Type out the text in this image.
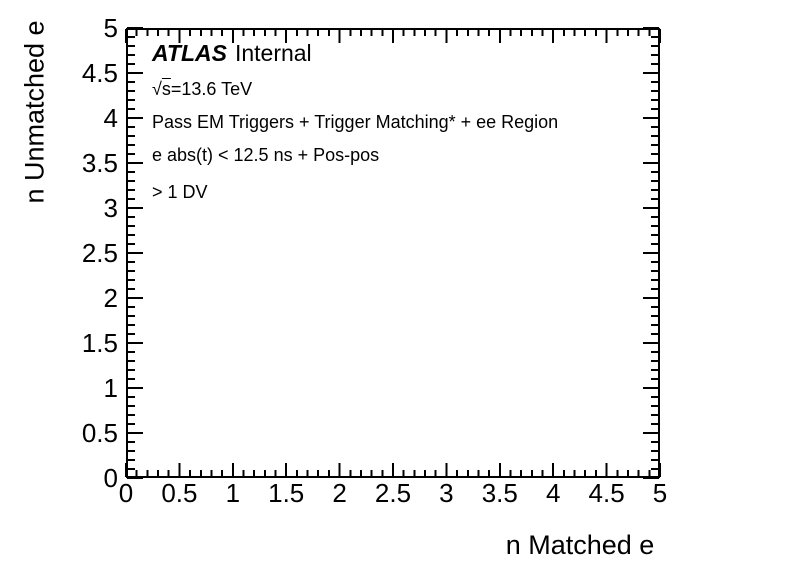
0 0.5 1 1.5 2 2.5 3 3.5 4 4.5 5
0
0.5
1
1.5
2
2.5
3
3.5
4
4.5
5
ATLAS Internal
√s=13.6 TeV
Pass EM Triggers + Trigger Matching* + ee Region
e abs(t) < 12.5 ns + Pos-pos
> 1 DV
n Matched e
n Unmatched e
